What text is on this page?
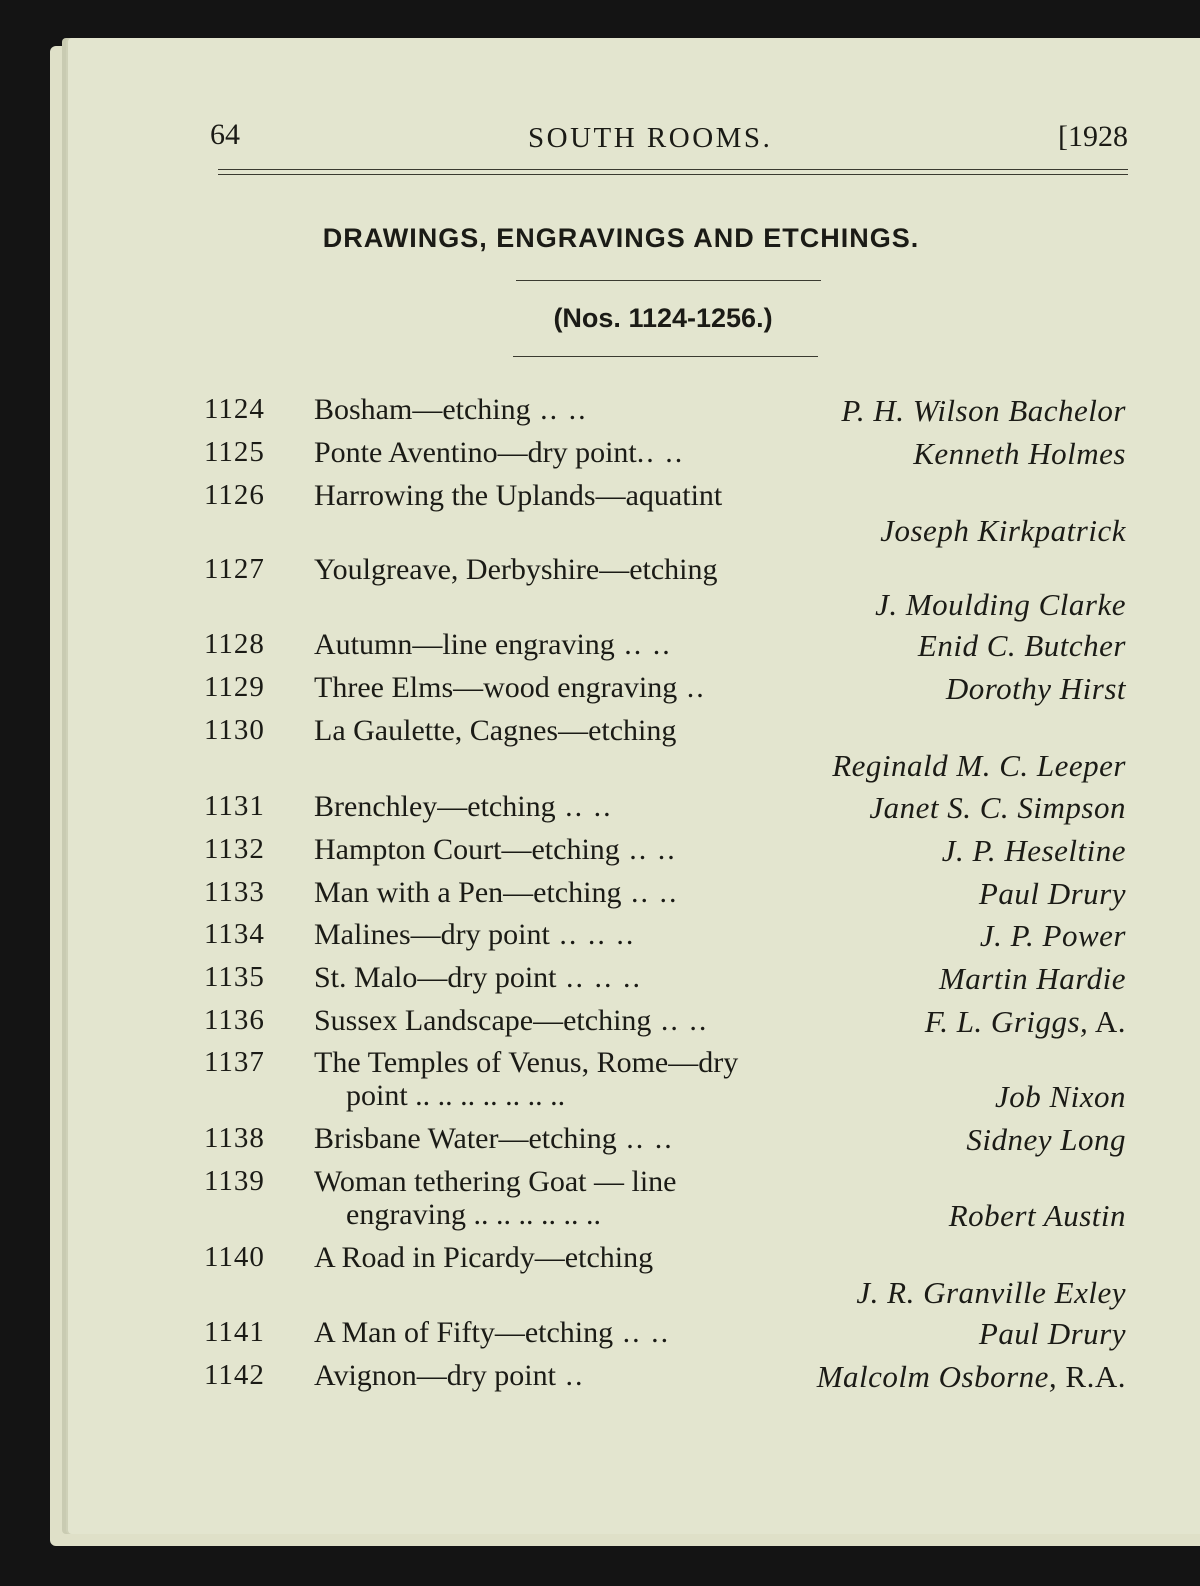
64	SOUTH ROOMS.	[1928
DRAWINGS, ENGRAVINGS AND ETCHINGS.
(Nos. 1124-1256.)
1124 Bosham—etching .. ..	P. H. Wilson Bachelor
1125 Ponte Aventino—dry point.. ..	Kenneth Holmes
1126 Harrowing the Uplands—aquatint
Joseph Kirkpatrick
1127 Youlgreave, Derbyshire—etching
J. Moulding Clarke
1128 Autumn—line engraving .. ..	Enid C. Butcher
1129 Three Elms—wood engraving ..	Dorothy Hirst
1130 La Gaulette, Cagnes—etching
Reginald M. C. Leeper
1131 Brenchley—etching .. ..	Janet S. C. Simpson
1132 Hampton Court—etching .. ..	J. P. Heseltine
1133 Man with a Pen—etching .. ..	Paul Drury
1134 Malines—dry point .. .. ..	J. P. Power
1135 St. Malo—dry point .. .. ..	Martin Hardie
1136 Sussex Landscape—etching .. ..	F. L. Griggs, A.
1137 The Temples of Venus, Rome—dry
point .. .. .. .. .. .. ..	Job Nixon
1138 Brisbane Water—etching .. ..	Sidney Long
1139 Woman tethering Goat — line
engraving .. .. .. .. .. ..	Robert Austin
1140 A Road in Picardy—etching
J. R. Granville Exley
1141 A Man of Fifty—etching .. ..	Paul Drury
1142 Avignon—dry point ..	Malcolm Osborne, R.A.
